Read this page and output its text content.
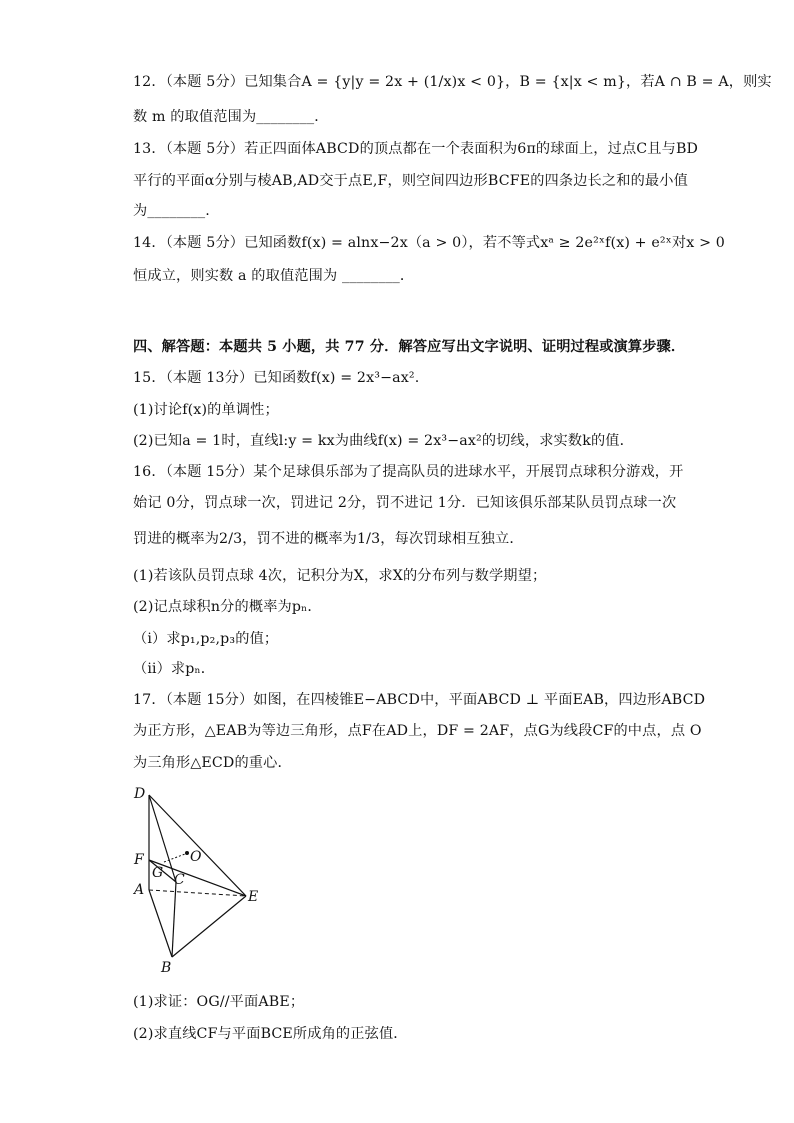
12．（本题 5分）已知集合A = {y|y = 2x + (1/x)x < 0}，B = {x|x < m}，若A ∩ B = A，则实
数 m 的取值范围为________．
13．（本题 5分）若正四面体ABCD的顶点都在一个表面积为6π的球面上，过点C且与BD
平行的平面α分别与棱AB,AD交于点E,F，则空间四边形BCFE的四条边长之和的最小值
为________.
14．（本题 5分）已知函数f(x) = alnx−2x（a > 0），若不等式xᵃ ≥ 2e²ˣf(x) + e²ˣ对x > 0
恒成立，则实数 a 的取值范围为 ________．
四、解答题：本题共 5 小题，共 77 分．解答应写出文字说明、证明过程或演算步骤．
15．（本题 13分）已知函数f(x) = 2x³−ax².
(1)讨论f(x)的单调性；
(2)已知a = 1时，直线l:y = kx为曲线f(x) = 2x³−ax²的切线，求实数k的值．
16．（本题 15分）某个足球俱乐部为了提高队员的进球水平，开展罚点球积分游戏，开
始记 0分，罚点球一次，罚进记 2分，罚不进记 1分．已知该俱乐部某队员罚点球一次
罚进的概率为2/3，罚不进的概率为1/3，每次罚球相互独立．
(1)若该队员罚点球 4次，记积分为X，求X的分布列与数学期望；
(2)记点球积n分的概率为pₙ．
（ⅰ）求p₁,p₂,p₃的值；
（ⅱ）求pₙ．
17．（本题 15分）如图，在四棱锥E−ABCD中，平面ABCD ⊥ 平面EAB，四边形ABCD
为正方形，△EAB为等边三角形，点F在AD上，DF = 2AF，点G为线段CF的中点，点 O
为三角形△ECD的重心．
D
F
G
O
C
A	E
B
(1)求证：OG//平面ABE；
(2)求直线CF与平面BCE所成角的正弦值．
